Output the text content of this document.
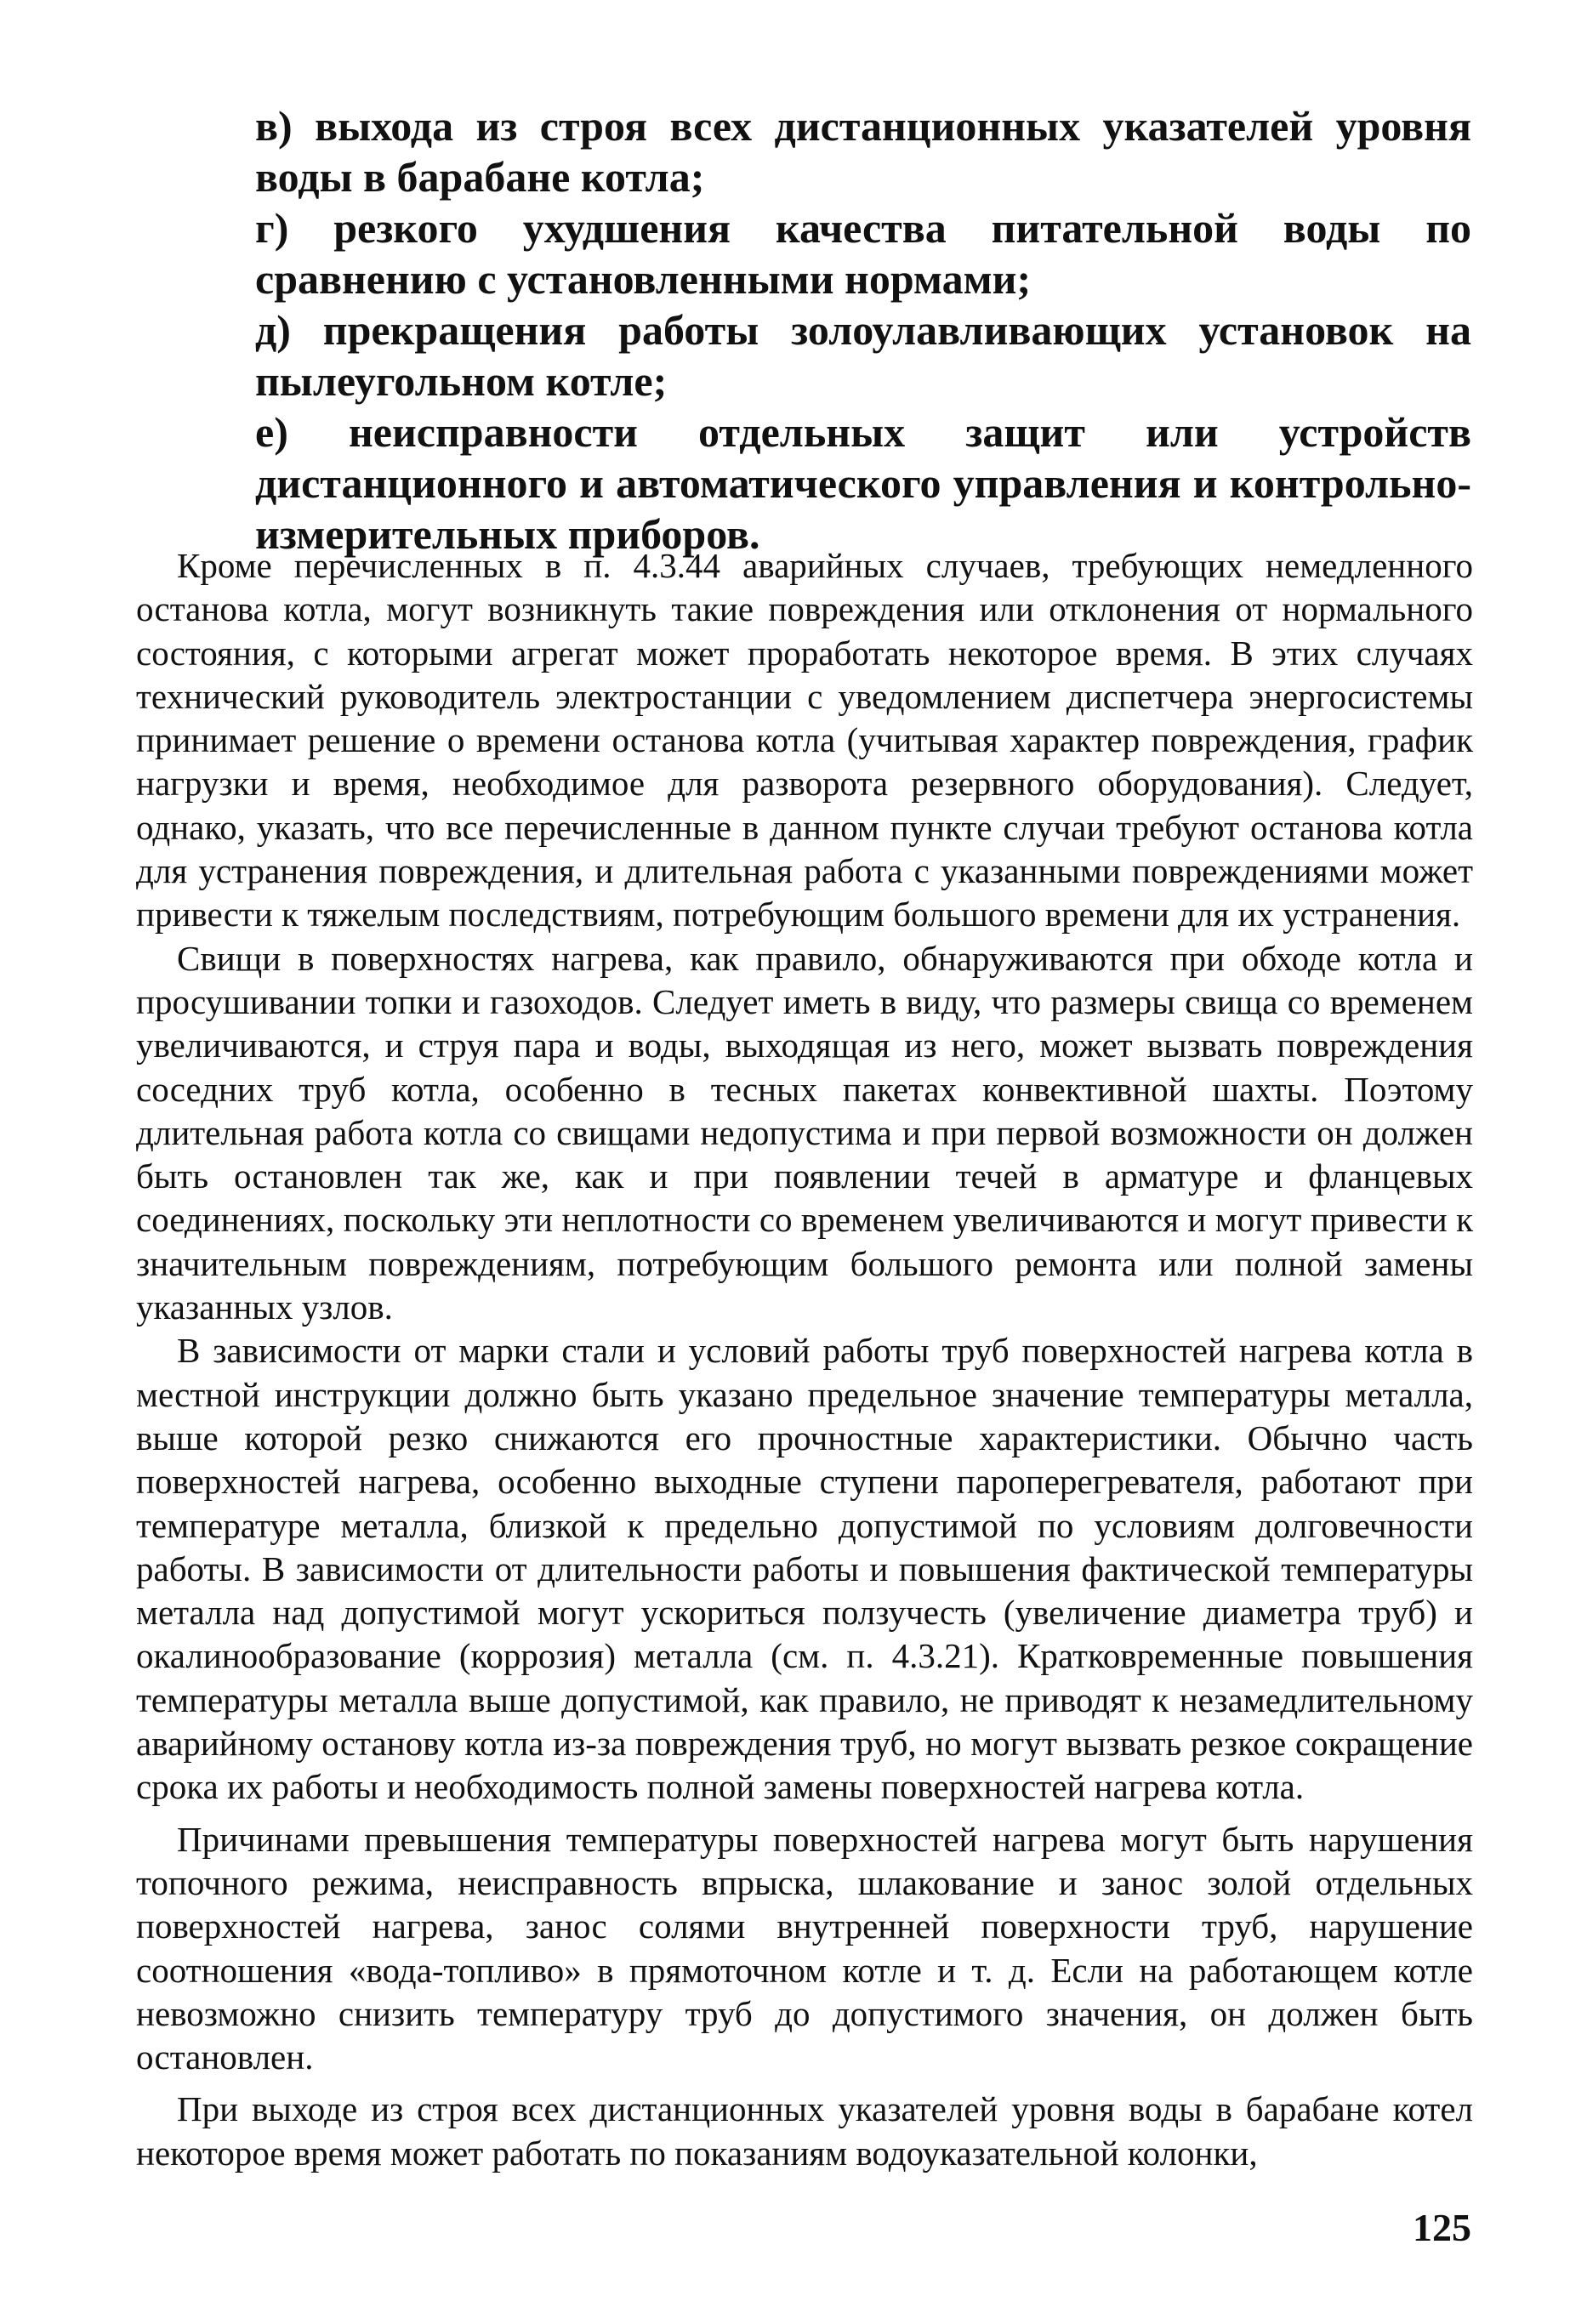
в) выхода из строя всех дистанционных указателей уровня воды в барабане котла;

г) резкого ухудшения качества питательной воды по сравнению с установленными нормами;

д) прекращения работы золоулавливающих установок на пылеугольном котле;

е) неисправности отдельных защит или устройств дистанционного и автоматического управления и контрольно-измерительных приборов.

Кроме перечисленных в п. 4.3.44 аварийных случаев, требующих немедленного останова котла, могут возникнуть такие повреждения или отклонения от нормального состояния, с которыми агрегат может проработать некоторое время. В этих случаях технический руководитель электростанции с уведомлением диспетчера энергосистемы принимает решение о времени останова котла (учитывая характер повреждения, график нагрузки и время, необходимое для разворота резервного оборудования). Следует, однако, указать, что все перечисленные в данном пункте случаи требуют останова котла для устранения повреждения, и длительная работа с указанными повреждениями может привести к тяжелым последствиям, потребующим большого времени для их устранения.

Свищи в поверхностях нагрева, как правило, обнаруживаются при обходе котла и просушивании топки и газоходов. Следует иметь в виду, что размеры свища со временем увеличиваются, и струя пара и воды, выходящая из него, может вызвать повреждения соседних труб котла, особенно в тесных пакетах конвективной шахты. Поэтому длительная работа котла со свищами недопустима и при первой возможности он должен быть остановлен так же, как и при появлении течей в арматуре и фланцевых соединениях, поскольку эти неплотности со временем увеличиваются и могут привести к значительным повреждениям, потребующим большого ремонта или полной замены указанных узлов.

В зависимости от марки стали и условий работы труб поверхностей нагрева котла в местной инструкции должно быть указано предельное значение температуры металла, выше которой резко снижаются его прочностные характеристики. Обычно часть поверхностей нагрева, особенно выходные ступени пароперегревателя, работают при температуре металла, близкой к предельно допустимой по условиям долговечности работы. В зависимости от длительности работы и повышения фактической температуры металла над допустимой могут ускориться ползучесть (увеличение диаметра труб) и окалинообразование (коррозия) металла (см. п. 4.3.21). Кратковременные повышения температуры металла выше допустимой, как правило, не приводят к незамедлительному аварийному останову котла из-за повреждения труб, но могут вызвать резкое сокращение срока их работы и необходимость полной замены поверхностей нагрева котла.

Причинами превышения температуры поверхностей нагрева могут быть нарушения топочного режима, неисправность впрыска, шлакование и занос золой отдельных поверхностей нагрева, занос солями внутренней поверхности труб, нарушение соотношения «вода-топливо» в прямоточном котле и т. д. Если на работающем котле невозможно снизить температуру труб до допустимого значения, он должен быть остановлен.

При выходе из строя всех дистанционных указателей уровня воды в барабане котел некоторое время может работать по показаниям водоуказательной колонки,

125
